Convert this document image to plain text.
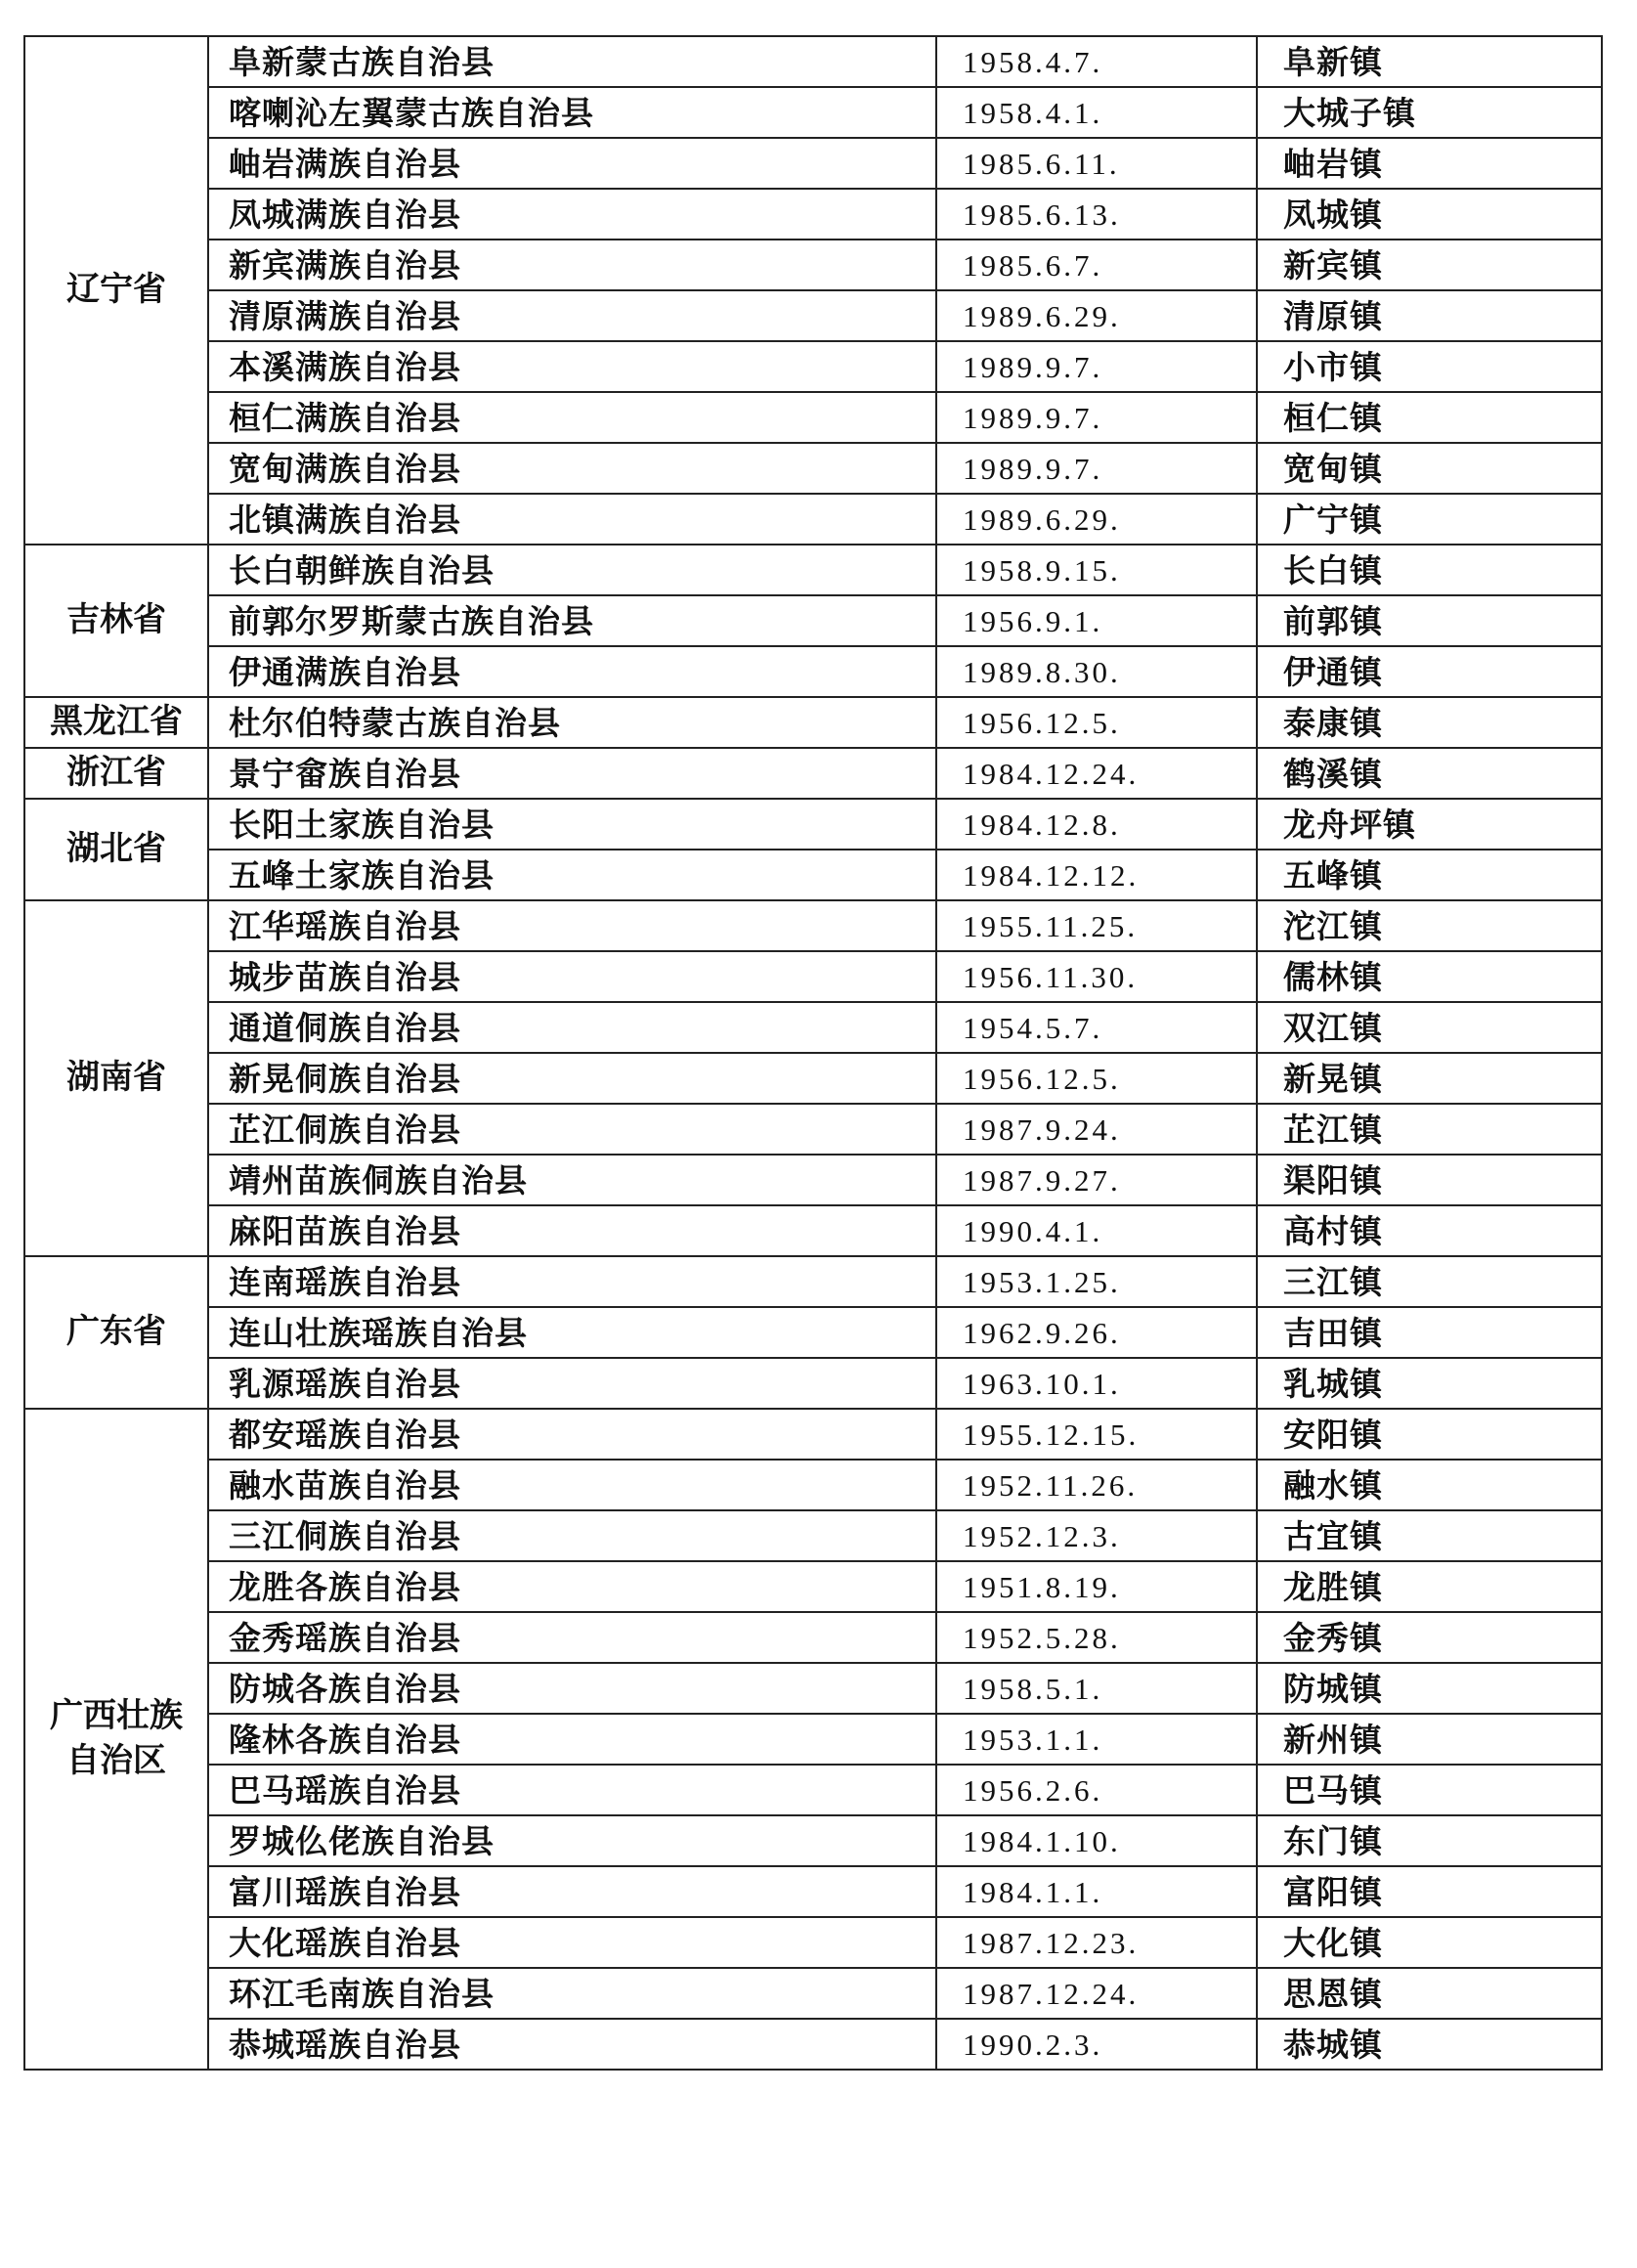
辽宁省	阜新蒙古族自治县	1958.4.7.	阜新镇
	喀喇沁左翼蒙古族自治县	1958.4.1.	大城子镇
	岫岩满族自治县	1985.6.11.	岫岩镇
	凤城满族自治县	1985.6.13.	凤城镇
	新宾满族自治县	1985.6.7.	新宾镇
	清原满族自治县	1989.6.29.	清原镇
	本溪满族自治县	1989.9.7.	小市镇
	桓仁满族自治县	1989.9.7.	桓仁镇
	宽甸满族自治县	1989.9.7.	宽甸镇
	北镇满族自治县	1989.6.29.	广宁镇

吉林省	长白朝鲜族自治县	1958.9.15.	长白镇
	前郭尔罗斯蒙古族自治县	1956.9.1.	前郭镇
	伊通满族自治县	1989.8.30.	伊通镇

黑龙江省	杜尔伯特蒙古族自治县	1956.12.5.	泰康镇

浙江省	景宁畲族自治县	1984.12.24.	鹤溪镇

湖北省	长阳土家族自治县	1984.12.8.	龙舟坪镇
	五峰土家族自治县	1984.12.12.	五峰镇

湖南省	江华瑶族自治县	1955.11.25.	沱江镇
	城步苗族自治县	1956.11.30.	儒林镇
	通道侗族自治县	1954.5.7.	双江镇
	新晃侗族自治县	1956.12.5.	新晃镇
	芷江侗族自治县	1987.9.24.	芷江镇
	靖州苗族侗族自治县	1987.9.27.	渠阳镇
	麻阳苗族自治县	1990.4.1.	高村镇

广东省	连南瑶族自治县	1953.1.25.	三江镇
	连山壮族瑶族自治县	1962.9.26.	吉田镇
	乳源瑶族自治县	1963.10.1.	乳城镇

广西壮族
自治区	都安瑶族自治县	1955.12.15.	安阳镇
	融水苗族自治县	1952.11.26.	融水镇
	三江侗族自治县	1952.12.3.	古宜镇
	龙胜各族自治县	1951.8.19.	龙胜镇
	金秀瑶族自治县	1952.5.28.	金秀镇
	防城各族自治县	1958.5.1.	防城镇
	隆林各族自治县	1953.1.1.	新州镇
	巴马瑶族自治县	1956.2.6.	巴马镇
	罗城仫佬族自治县	1984.1.10.	东门镇
	富川瑶族自治县	1984.1.1.	富阳镇
	大化瑶族自治县	1987.12.23.	大化镇
	环江毛南族自治县	1987.12.24.	思恩镇
	恭城瑶族自治县	1990.2.3.	恭城镇
